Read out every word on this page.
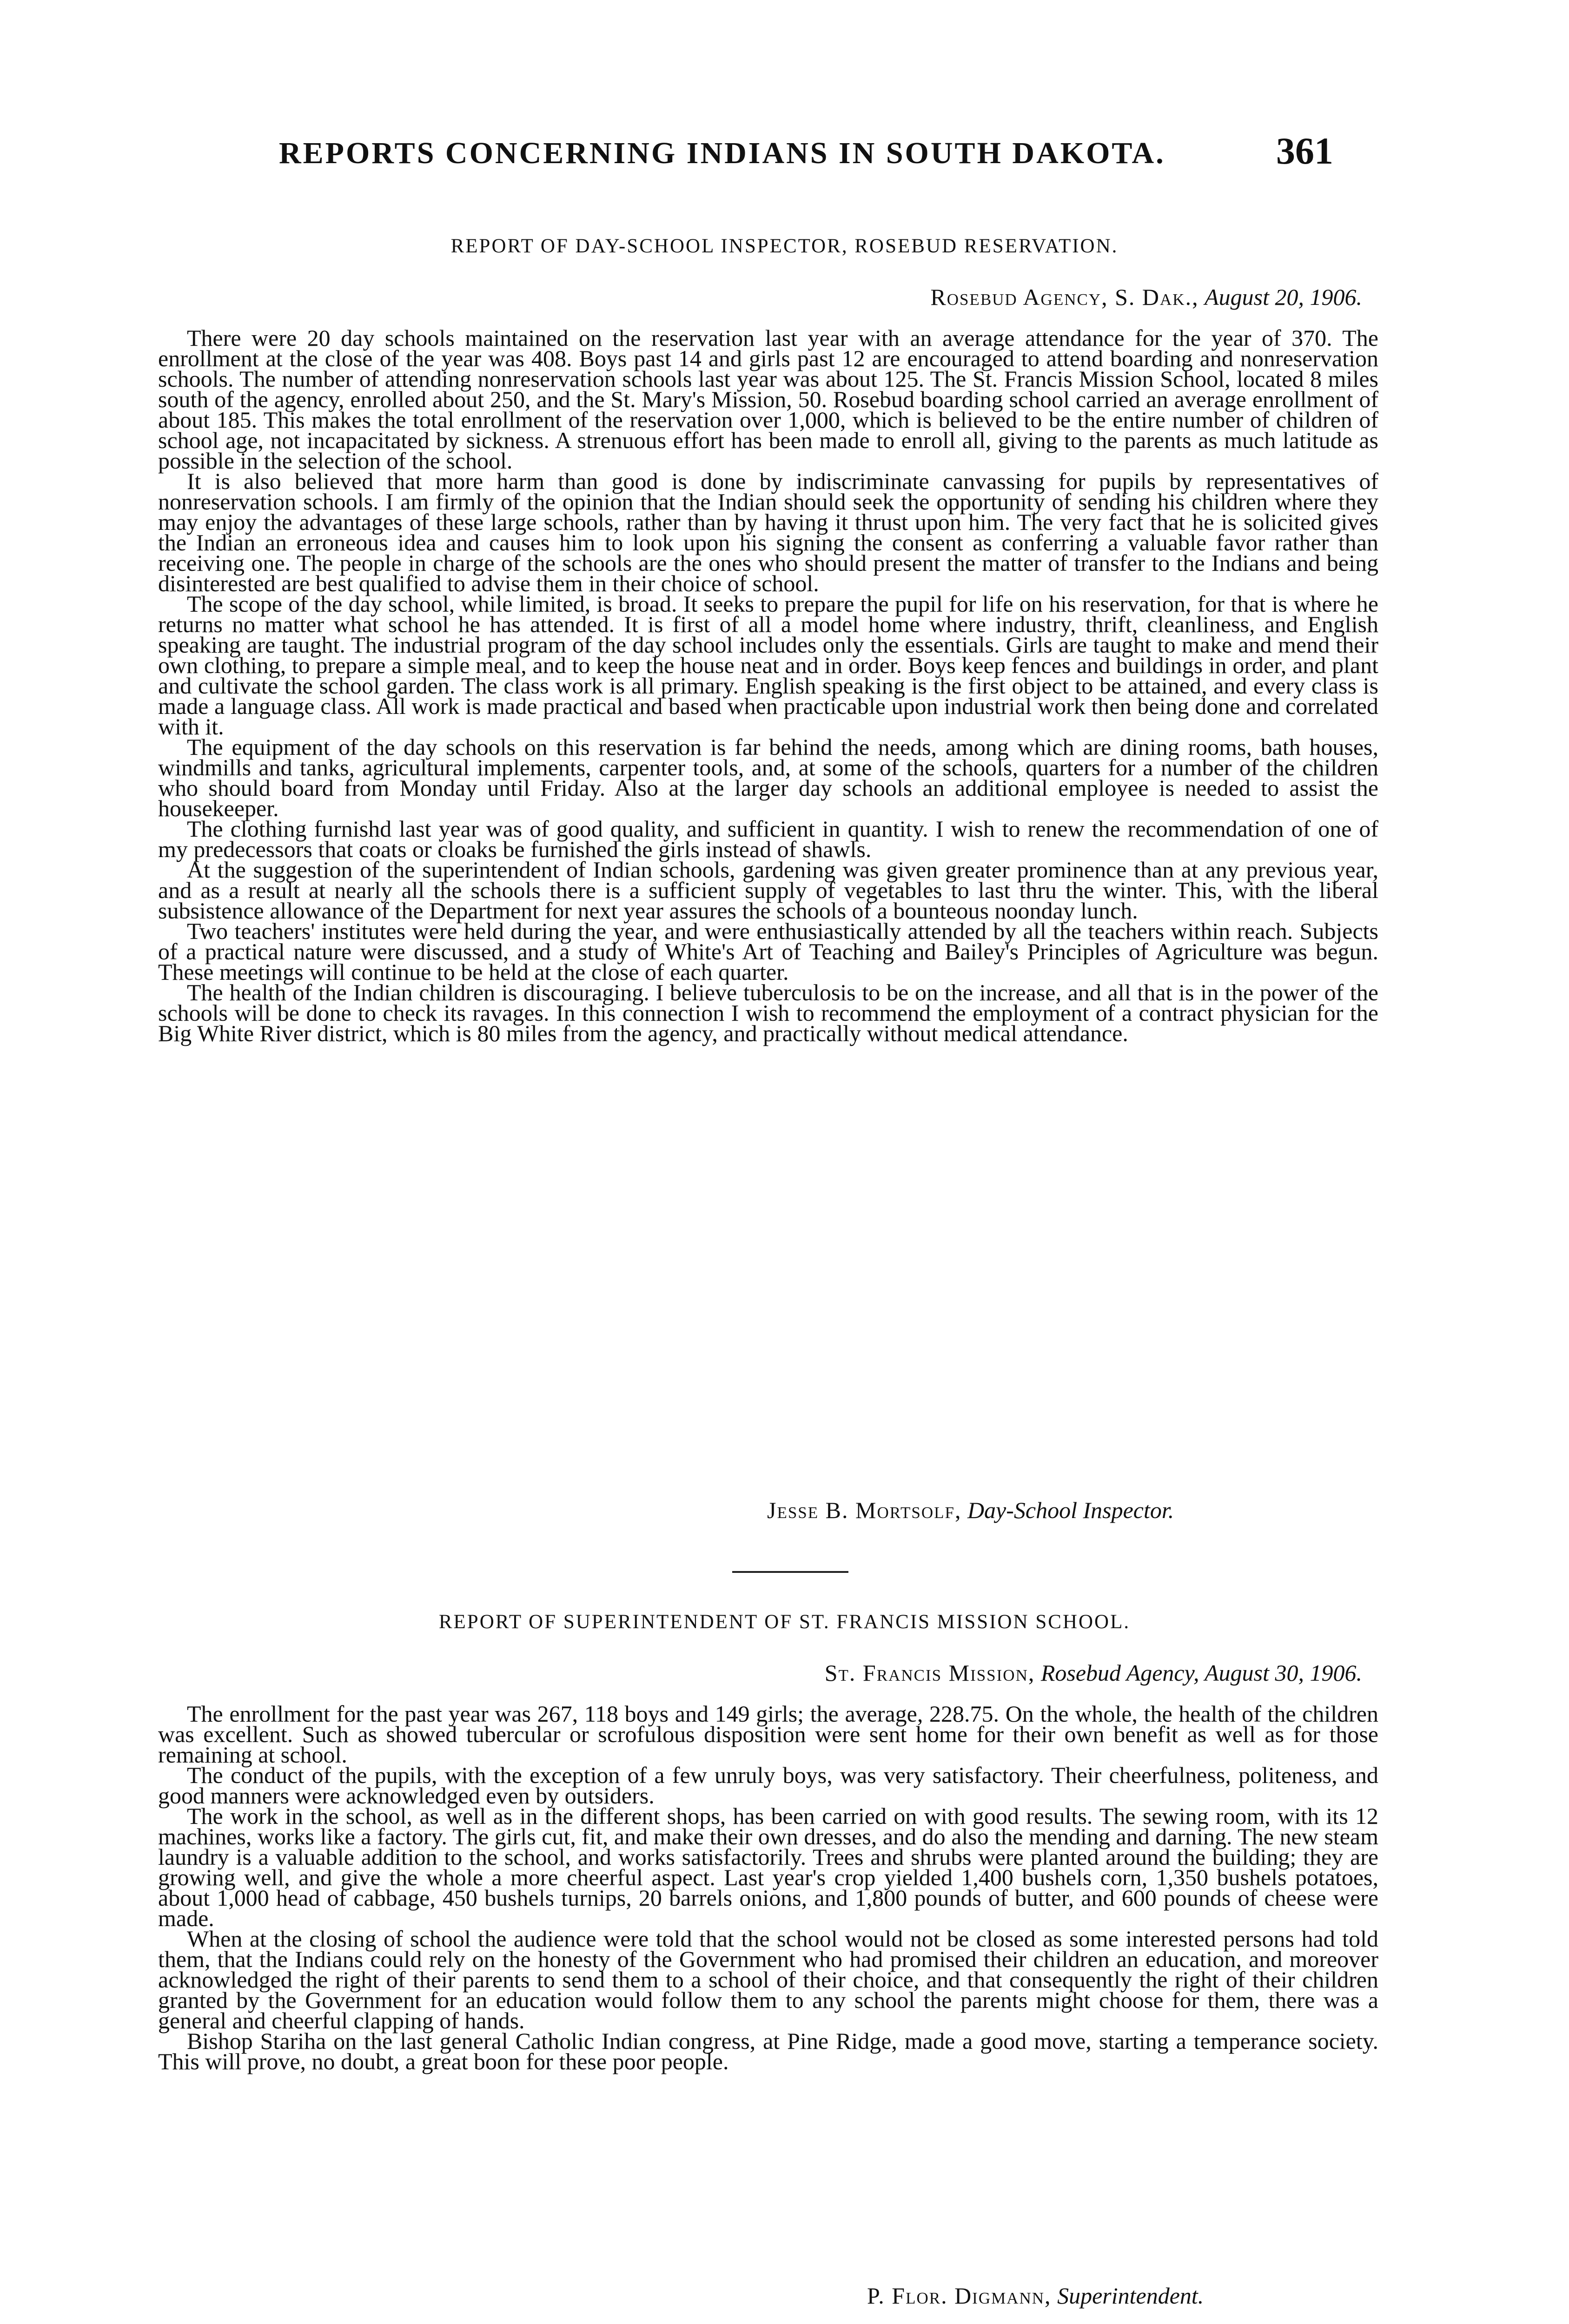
REPORTS CONCERNING INDIANS IN SOUTH DAKOTA.	361
REPORT OF DAY-SCHOOL INSPECTOR, ROSEBUD RESERVATION.
Rosebud Agency, S. Dak., August 20, 1906.

There were 20 day schools maintained on the reservation last year with an average attendance for the year of 370. The enrollment at the close of the year was 408. Boys past 14 and girls past 12 are encouraged to attend boarding and nonreservation schools. The number of attending nonreservation schools last year was about 125. The St. Francis Mission School, located 8 miles south of the agency, enrolled about 250, and the St. Mary's Mission, 50. Rosebud boarding school carried an average enrollment of about 185. This makes the total enrollment of the reservation over 1,000, which is believed to be the entire number of children of school age, not incapacitated by sickness. A strenuous effort has been made to enroll all, giving to the parents as much latitude as possible in the selection of the school.

It is also believed that more harm than good is done by indiscriminate canvassing for pupils by representatives of nonreservation schools. I am firmly of the opinion that the Indian should seek the opportunity of sending his children where they may enjoy the advantages of these large schools, rather than by having it thrust upon him. The very fact that he is solicited gives the Indian an erroneous idea and causes him to look upon his signing the consent as conferring a valuable favor rather than receiving one. The people in charge of the schools are the ones who should present the matter of transfer to the Indians and being disinterested are best qualified to advise them in their choice of school.

The scope of the day school, while limited, is broad. It seeks to prepare the pupil for life on his reservation, for that is where he returns no matter what school he has attended. It is first of all a model home where industry, thrift, cleanliness, and English speaking are taught. The industrial program of the day school includes only the essentials. Girls are taught to make and mend their own clothing, to prepare a simple meal, and to keep the house neat and in order. Boys keep fences and buildings in order, and plant and cultivate the school garden. The class work is all primary. English speaking is the first object to be attained, and every class is made a language class. All work is made practical and based when practicable upon industrial work then being done and correlated with it.

The equipment of the day schools on this reservation is far behind the needs, among which are dining rooms, bath houses, windmills and tanks, agricultural implements, carpenter tools, and, at some of the schools, quarters for a number of the children who should board from Monday until Friday. Also at the larger day schools an additional employee is needed to assist the housekeeper.

The clothing furnishd last year was of good quality, and sufficient in quantity. I wish to renew the recommendation of one of my predecessors that coats or cloaks be furnished the girls instead of shawls.

At the suggestion of the superintendent of Indian schools, gardening was given greater prominence than at any previous year, and as a result at nearly all the schools there is a sufficient supply of vegetables to last thru the winter. This, with the liberal subsistence allowance of the Department for next year assures the schools of a bounteous noonday lunch.

Two teachers' institutes were held during the year, and were enthusiastically attended by all the teachers within reach. Subjects of a practical nature were discussed, and a study of White's Art of Teaching and Bailey's Principles of Agriculture was begun. These meetings will continue to be held at the close of each quarter.

The health of the Indian children is discouraging. I believe tuberculosis to be on the increase, and all that is in the power of the schools will be done to check its ravages. In this connection I wish to recommend the employment of a contract physician for the Big White River district, which is 80 miles from the agency, and practically without medical attendance.

Jesse B. Mortsolf, Day-School Inspector.
REPORT OF SUPERINTENDENT OF ST. FRANCIS MISSION SCHOOL.
St. Francis Mission, Rosebud Agency, August 30, 1906.

The enrollment for the past year was 267, 118 boys and 149 girls; the average, 228.75. On the whole, the health of the children was excellent. Such as showed tubercular or scrofulous disposition were sent home for their own benefit as well as for those remaining at school.

The conduct of the pupils, with the exception of a few unruly boys, was very satisfactory. Their cheerfulness, politeness, and good manners were acknowledged even by outsiders.

The work in the school, as well as in the different shops, has been carried on with good results. The sewing room, with its 12 machines, works like a factory. The girls cut, fit, and make their own dresses, and do also the mending and darning. The new steam laundry is a valuable addition to the school, and works satisfactorily. Trees and shrubs were planted around the building; they are growing well, and give the whole a more cheerful aspect. Last year's crop yielded 1,400 bushels corn, 1,350 bushels potatoes, about 1,000 head of cabbage, 450 bushels turnips, 20 barrels onions, and 1,800 pounds of butter, and 600 pounds of cheese were made.

When at the closing of school the audience were told that the school would not be closed as some interested persons had told them, that the Indians could rely on the honesty of the Government who had promised their children an education, and moreover acknowledged the right of their parents to send them to a school of their choice, and that consequently the right of their children granted by the Government for an education would follow them to any school the parents might choose for them, there was a general and cheerful clapping of hands.

Bishop Stariha on the last general Catholic Indian congress, at Pine Ridge, made a good move, starting a temperance society. This will prove, no doubt, a great boon for these poor people.

P. Flor. Digmann, Superintendent.
